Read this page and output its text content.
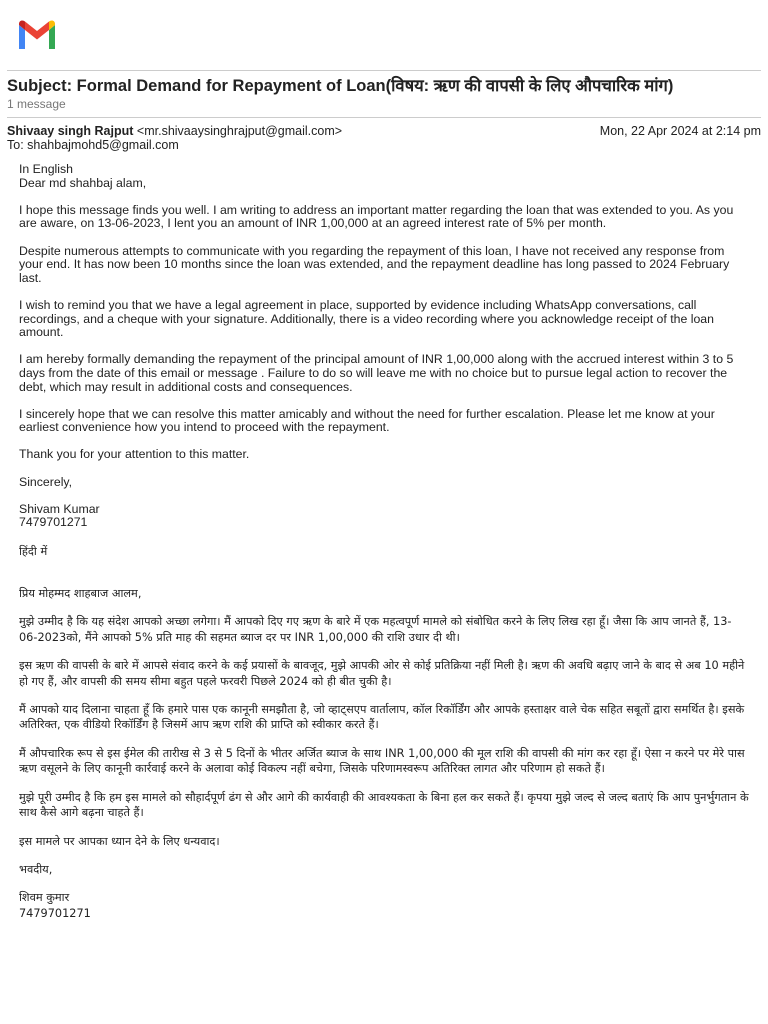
Subject: Formal Demand for Repayment of Loan(विषय: ऋण की वापसी के लिए औपचारिक मांग)
1 message
Shivaay singh Rajput <mr.shivaaysinghrajput@gmail.com>	Mon, 22 Apr 2024 at 2:14 pm
To: shahbajmohd5@gmail.com

In English

Dear md shahbaj alam,

I hope this message finds you well. I am writing to address an important matter regarding the loan that was extended to you. As you are aware, on 13-06-2023, I lent you an amount of INR 1,00,000 at an agreed interest rate of 5% per month.

Despite numerous attempts to communicate with you regarding the repayment of this loan, I have not received any response from your end. It has now been 10 months since the loan was extended, and the repayment deadline has long passed to 2024 February last.

I wish to remind you that we have a legal agreement in place, supported by evidence including WhatsApp conversations, call recordings, and a cheque with your signature. Additionally, there is a video recording where you acknowledge receipt of the loan amount.

I am hereby formally demanding the repayment of the principal amount of INR 1,00,000 along with the accrued interest within 3 to 5 days from the date of this email or message . Failure to do so will leave me with no choice but to pursue legal action to recover the debt, which may result in additional costs and consequences.

I sincerely hope that we can resolve this matter amicably and without the need for further escalation. Please let me know at your earliest convenience how you intend to proceed with the repayment.

Thank you for your attention to this matter.

Sincerely,

Shivam Kumar

7479701271

हिंदी में

प्रिय मोहम्मद शाहबाज आलम,

मुझे उम्मीद है कि यह संदेश आपको अच्छा लगेगा। मैं आपको दिए गए ऋण के बारे में एक महत्वपूर्ण मामले को संबोधित करने के लिए लिख रहा हूँ। जैसा कि आप जानते हैं, 13-06-2023को, मैंने आपको 5% प्रति माह की सहमत ब्याज दर पर INR 1,00,000 की राशि उधार दी थी।

इस ऋण की वापसी के बारे में आपसे संवाद करने के कई प्रयासों के बावजूद, मुझे आपकी ओर से कोई प्रतिक्रिया नहीं मिली है। ऋण की अवधि बढ़ाए जाने के बाद से अब 10 महीने हो गए हैं, और वापसी की समय सीमा बहुत पहले फरवरी पिछले 2024 को ही बीत चुकी है।

मैं आपको याद दिलाना चाहता हूँ कि हमारे पास एक कानूनी समझौता है, जो व्हाट्सएप वार्तालाप, कॉल रिकॉर्डिंग और आपके हस्ताक्षर वाले चेक सहित सबूतों द्वारा समर्थित है। इसके अतिरिक्त, एक वीडियो रिकॉर्डिंग है जिसमें आप ऋण राशि की प्राप्ति को स्वीकार करते हैं।

मैं औपचारिक रूप से इस ईमेल की तारीख से 3 से 5 दिनों के भीतर अर्जित ब्याज के साथ INR 1,00,000 की मूल राशि की वापसी की मांग कर रहा हूँ। ऐसा न करने पर मेरे पास ऋण वसूलने के लिए कानूनी कार्रवाई करने के अलावा कोई विकल्प नहीं बचेगा, जिसके परिणामस्वरूप अतिरिक्त लागत और परिणाम हो सकते हैं।

मुझे पूरी उम्मीद है कि हम इस मामले को सौहार्दपूर्ण ढंग से और आगे की कार्यवाही की आवश्यकता के बिना हल कर सकते हैं। कृपया मुझे जल्द से जल्द बताएं कि आप पुनर्भुगतान के साथ कैसे आगे बढ़ना चाहते हैं।

इस मामले पर आपका ध्यान देने के लिए धन्यवाद।

भवदीय,

शिवम कुमार

7479701271
